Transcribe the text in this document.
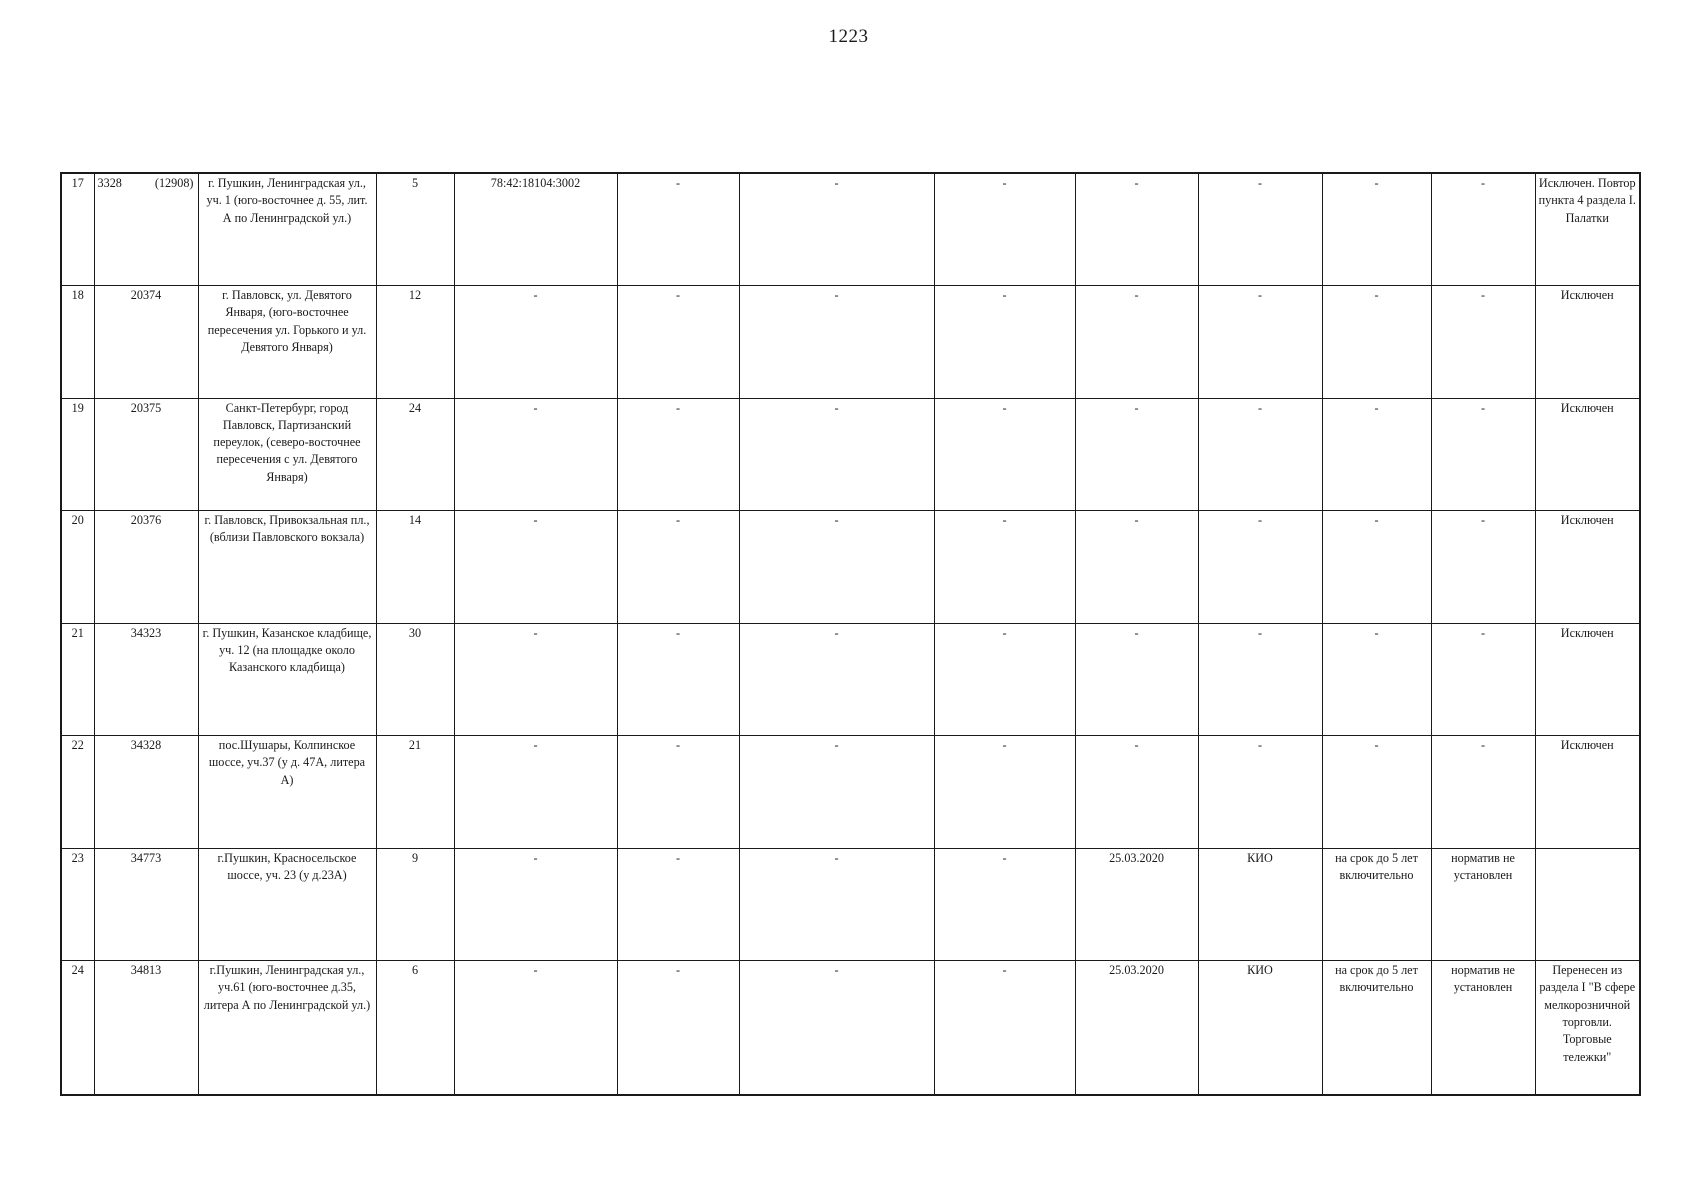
1223
17	3328 (12908)	г. Пушкин, Ленинградская ул., уч. 1 (юго-восточнее д. 55, лит. А по Ленинградской ул.)	5	78:42:18104:3002	-	-	-	-	-	-	-	Исключен. Повтор пункта 4 раздела I. Палатки
18	20374	г. Павловск, ул. Девятого Января, (юго-восточнее пересечения ул. Горького и ул. Девятого Января)	12	-	-	-	-	-	-	-	-	Исключен
19	20375	Санкт-Петербург, город Павловск, Партизанский переулок, (северо-восточнее пересечения с ул. Девятого Января)	24	-	-	-	-	-	-	-	-	Исключен
20	20376	г. Павловск, Привокзальная пл., (вблизи Павловского вокзала)	14	-	-	-	-	-	-	-	-	Исключен
21	34323	г. Пушкин, Казанское кладбище, уч. 12 (на площадке около Казанского кладбища)	30	-	-	-	-	-	-	-	-	Исключен
22	34328	пос.Шушары, Колпинское шоссе, уч.37 (у д. 47А, литера А)	21	-	-	-	-	-	-	-	-	Исключен
23	34773	г.Пушкин, Красносельское шоссе, уч. 23 (у д.23А)	9	-	-	-	-	25.03.2020	КИО	на срок до 5 лет включительно	норматив не установлен	
24	34813	г.Пушкин, Ленинградская ул., уч.61 (юго-восточнее д.35, литера А по Ленинградской ул.)	6	-	-	-	-	25.03.2020	КИО	на срок до 5 лет включительно	норматив не установлен	Перенесен из раздела I "В сфере мелкорозничной торговли. Торговые тележки"
